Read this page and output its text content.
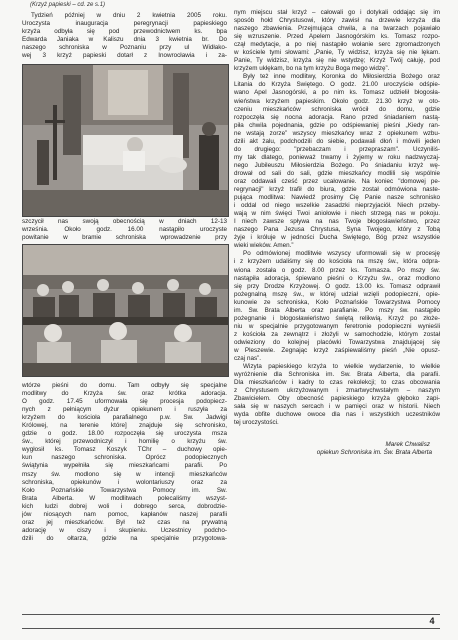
(Krzyż papieski – cd. ze s.1)
Tydzień później w dniu 2 kwietnia 2005 roku.
Uroczysta inauguracja peregrynacji papieskiego
krzyża odbyła się pod przewodnictwem ks. bpa
Edwarda Janiaka w Kaliszu dnia 3 kwietnia br. Do
naszego schroniska w Poznaniu przy ul Widłako-
wej 3 krzyż papieski dotarł z Inowrocławia i za-
szczycił nas swoją obecnością w dniach 12-13
września. Około godz. 16.00 nastąpiło uroczyste
powitanie w bramie schroniska wprowadzenie przy
wtórze pieśni do domu. Tam odbyły się specjalne
modlitwy do Krzyża św. oraz krótka adoracja.
O godz. 17.45 uformowała się procesja podopiecz-
nych z pełniącym dyżur opiekunem i ruszyła za
krzyżem do kościoła parafialnego p.w. Św. Jadwigi
Królowej, na terenie które] znajduje się schronisko,
gdzie o godz. 18.00 rozpoczęła się uroczysta msza
św., której przewodniczył i homilię o krzyżu św.
wygłosił ks. Tomasz Koszyk TChr – duchowy opie-
kun naszego schroniska. Oprócz podopiecznych
świątynia wypełniła się mieszkańcami parafii. Po
mszy św. modlono się w intencji mieszkańców
schroniska, opiekunów i wolontariuszy oraz za
Koło Poznańskie Towarzystwa Pomocy im. Św.
Brata Alberta. W modlitwach polecaliśmy wszyst-
kich ludzi dobrej woli i dobrego serca, dobrodzie-
jów niosących nam pomoc, kapłanów naszej parafii
oraz jej mieszkańców. Był też czas na prywatną
adorację w ciszy i skupieniu. Uczestnicy podcho-
dzili do ołtarza, gdzie na specjalnie przygotowa-
nym miejscu stał krzyż – całowali go i dotykali oddając się im
sposób hołd Chrystusowi, który zawisł na drzewie krzyża dla
naszego zbawienia. Przejmująca chwila, a na twarzach pojawiało
się wzruszenie. Przed Apelem Jasnogórskim ks. Tomasz rozpo-
czął medytacje, a po niej nastąpiło wołanie serc zgromadzonych
w kościele tymi słowami: „Panie, Ty widzisz, krzyża się nie lękam.
Panie, Ty widzisz, krzyża się nie wstydzę; Krzyż Twój całuję, pod
krzyżem ukłękam, bo na tym krzyżu Boga mego widzę”.
Były też inne modlitwy, Koronka do Miłosierdzia Bożego oraz
Litania do Krzyża Świętego. O godz. 21.00 uroczyście odśpie-
wano Apel Jasnogórski, a po nim ks. Tomasz udzielił błogosła-
wieństwa krzyżem papieskim. Około godz. 21.30 krzyż w oto-
czeniu mieszkańców schroniska wrócił do domu, gdzie
rozpoczęła się nocna adoracja. Rano przed śniadaniem nastą-
piła chwila pojednania, gdzie po odśpiewaniej pieśni „Kiedy ran-
ne wstają zorze” wszyscy mieszkańcy wraz z opiekunem wzbu-
dzili akt żalu, podchodzili do siebie, podawali dłoń i mówili jeden
do drugiego: "przebaczam i przepraszam". Uczyniliś-
my tak dlatego, ponieważ trwamy i żyjemy w roku nadzwyczaj-
nego Jubileuszu Miłosierdzia Bożego. Po śniadaniu krzyż wę-
drował od sali do sali, gdzie mieszkańcy modlili się wspólnie
oraz oddawali cześć przez ucałowanie. Na koniec "domowej pe-
regrynacji" krzyż trafił do biura, gdzie został odmówiona naste-
pująca modlitwa: Nawiedź prosimy Cię Panie nasze schronisko
i oddal od niego wszelkie zasadzki nieprzyjaciół. Niech przeby-
wają w nim święci Twoi aniołowie i niech strzegą nas w pokoju.
I niech zawsze spływa na nas Twoje błogosławieństwo, przez
naszego Pana Jezusa Chrystusa, Syna Twojego, który z Tobą
żyje i króluje w jedności Ducha Świętego, Bóg przez wszystkie
wieki wieków. Amen.”
Po odmówionej modlitwie wszyscy uformowali się w procesję
i z krzyżem udaliśmy się do kościoła na mszę św., która odpra-
wiona została o godz. 8.00 przez ks. Tomasza. Po mszy św.
nastąpiła adoracja, śpiewano pieśni o Krzyżu św., oraz modlono
się przy Drodze Krzyżowej. O godz. 13.00 ks. Tomasz odprawił
pożegnalną mszę św., w której udział wzięli podopieczni, opie-
kunowie ze schroniska, Koło Poznańskie Towarzystwa Pomocy
im. Św. Brata Alberta oraz parafianie. Po mszy św. nastąpiło
pożegnanie i błogosławieństwo świętą relikwią. Krzyż po złoże-
niu w specjalnie przygotowanym feretronie podopieczni wynieśli
z kościoła za zewnątrz i złożyli w samochodzie, którym został
odwieziony do kolejnej placówki Towarzystwa znajdującej się
w Pleszewie. Żegnając krzyż zaśpiewaliśmy pieśń „Nie opusz-
czaj nas”.
Wizyta papieskiego krzyża to wielkie wydarzenie, to wielkie
wyróżnienie dla Schroniska im. Św. Brata Alberta, dla parafii.
Dla mieszkańców i kadry to czas rekolekcji; to czas obcowania
z Chrystusem ukrzyżowanym i zmartwychwstałym – naszym
Zbawicielem. Oby obecność papieskiego krzyża głęboko zapi-
sała się w naszych sercach i w pamięci oraz w historii. Niech
wyda obfite duchowe owoce dla nas i wszystkich uczestników
tej uroczystości.
Marek Chwalisz
opiekun Schroniska im. Św. Brata Alberta
4
